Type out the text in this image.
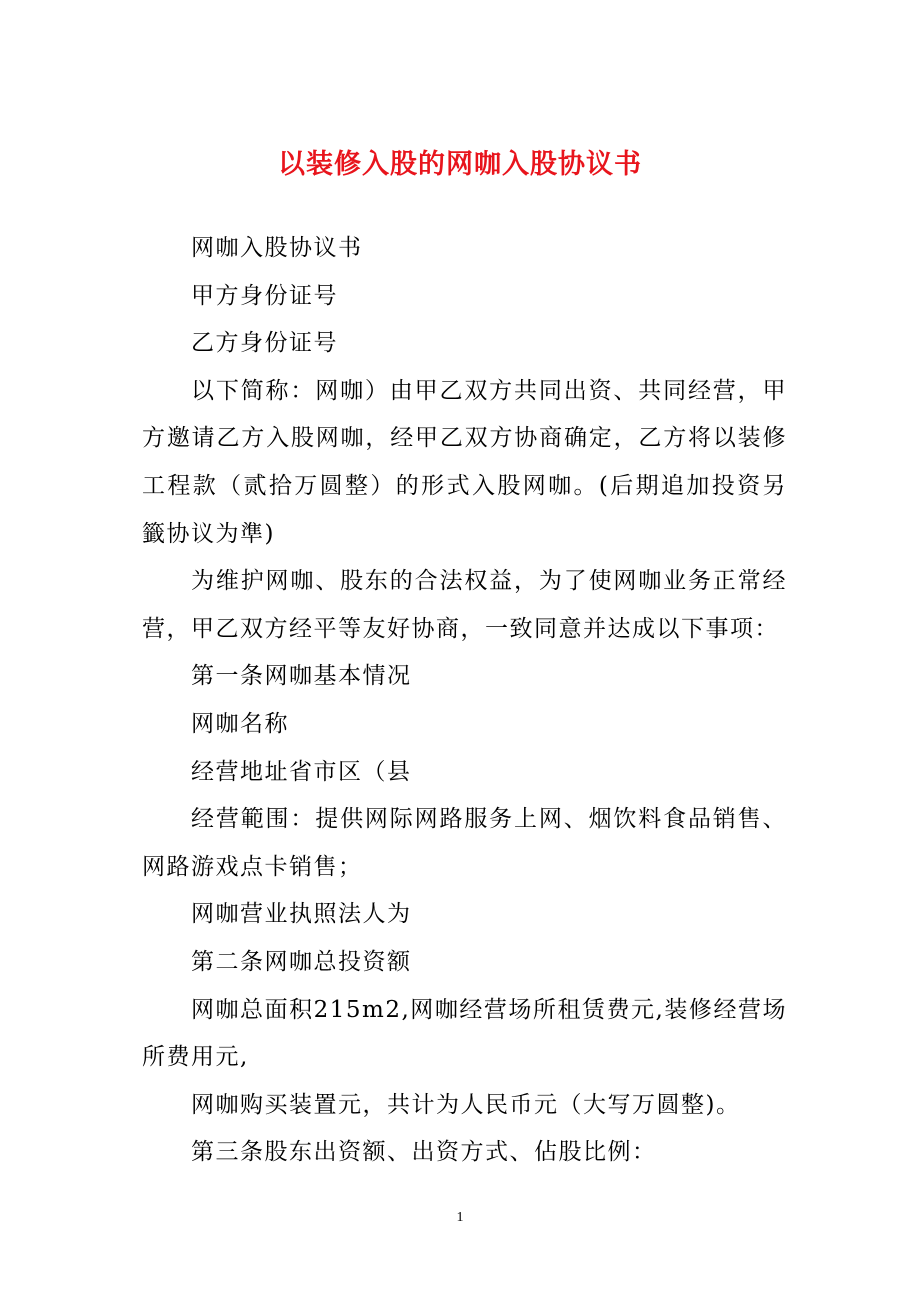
以装修入股的网咖入股协议书

网咖入股协议书

甲方身份证号

乙方身份证号

以下简称：网咖）由甲乙双方共同出资、共同经营，甲方邀请乙方入股网咖，经甲乙双方协商确定，乙方将以装修工程款（贰拾万圆整）的形式入股网咖。(后期追加投资另籤协议为準)

为维护网咖、股东的合法权益，为了使网咖业务正常经营，甲乙双方经平等友好协商，一致同意并达成以下事项：

第一条网咖基本情况

网咖名称

经营地址省市区（县

经营範围：提供网际网路服务上网、烟饮料食品销售、网路游戏点卡销售；

网咖营业执照法人为

第二条网咖总投资额

网咖总面积215m2,网咖经营场所租赁费元,装修经营场所费用元,

网咖购买装置元，共计为人民币元（大写万圆整)。

第三条股东出资额、出资方式、佔股比例：

1
